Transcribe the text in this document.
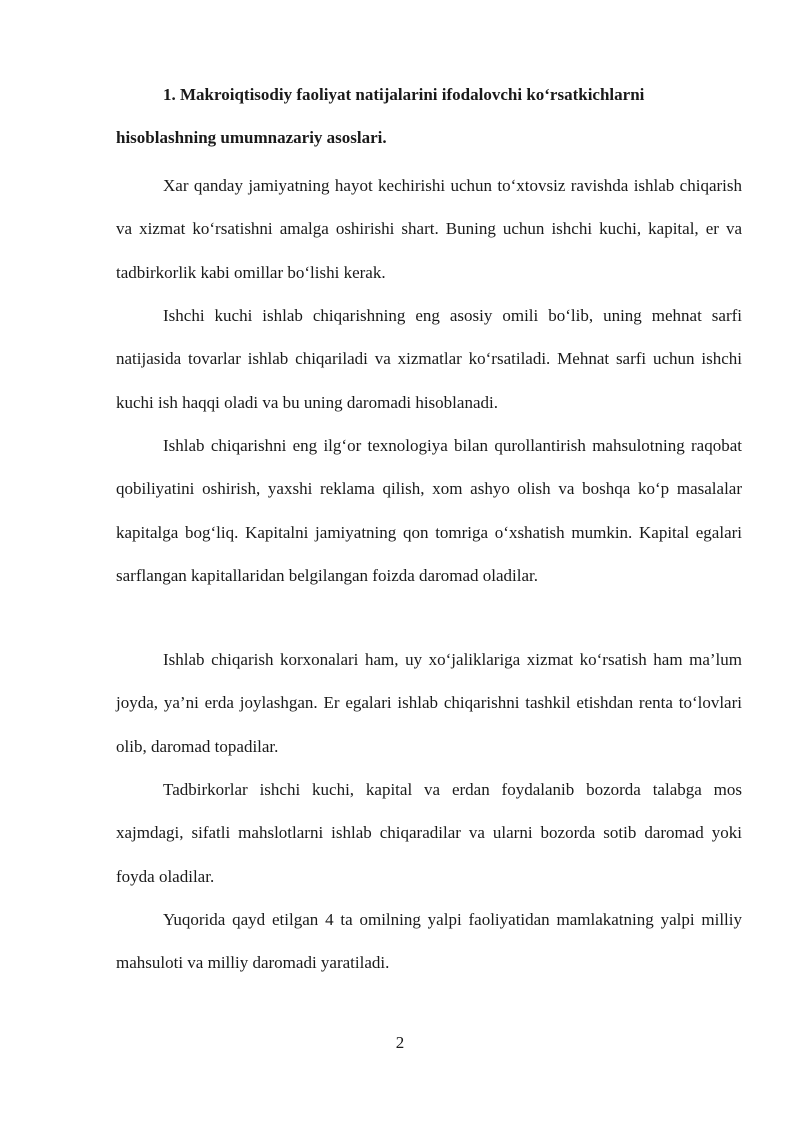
1. Makroiqtisodiy faoliyat natijalarini ifodalovchi ko‘rsatkichlarni hisoblashning umumnazariy asoslari.

Xar qanday jamiyatning hayot kechirishi uchun to‘xtovsiz ravishda ishlab chiqarish va xizmat ko‘rsatishni amalga oshirishi shart. Buning uchun ishchi kuchi, kapital, er va tadbirkorlik kabi omillar bo‘lishi kerak.

Ishchi kuchi ishlab chiqarishning eng asosiy omili bo‘lib, uning mehnat sarfi natijasida tovarlar ishlab chiqariladi va xizmatlar ko‘rsatiladi. Mehnat sarfi uchun ishchi kuchi ish haqqi oladi va bu uning daromadi hisoblanadi.

Ishlab chiqarishni eng ilg‘or texnologiya bilan qurollantirish mahsulotning raqobat qobiliyatini oshirish, yaxshi reklama qilish, xom ashyo olish va boshqa ko‘p masalalar kapitalga bog‘liq. Kapitalni jamiyatning qon tomriga o‘xshatish mumkin. Kapital egalari sarflangan kapitallaridan belgilangan foizda daromad oladilar.

Ishlab chiqarish korxonalari ham, uy xo‘jaliklariga xizmat ko‘rsatish ham ma’lum joyda, ya’ni erda joylashgan. Er egalari ishlab chiqarishni tashkil etishdan renta to‘lovlari olib, daromad topadilar.

Tadbirkorlar ishchi kuchi, kapital va erdan foydalanib bozorda talabga mos xajmdagi, sifatli mahslotlarni ishlab chiqaradilar va ularni bozorda sotib daromad yoki foyda oladilar.

Yuqorida qayd etilgan 4 ta omilning yalpi faoliyatidan mamlakatning yalpi milliy mahsuloti va milliy daromadi yaratiladi.

2
